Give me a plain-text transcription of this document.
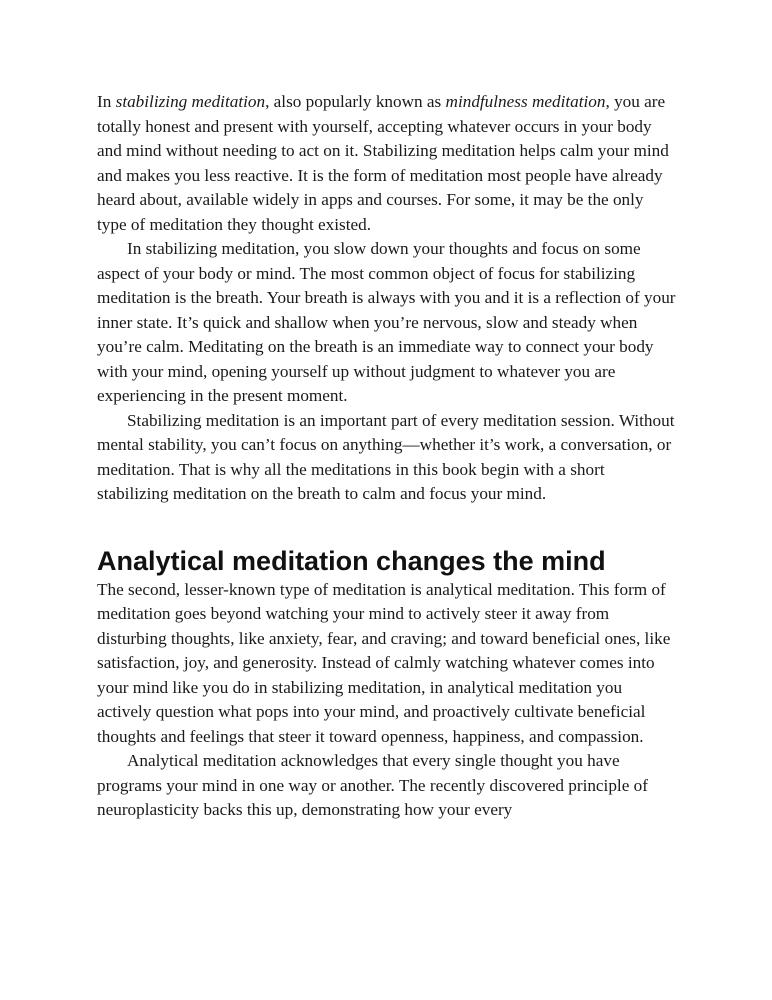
In stabilizing meditation, also popularly known as mindfulness meditation, you are totally honest and present with yourself, accepting whatever occurs in your body and mind without needing to act on it. Stabilizing meditation helps calm your mind and makes you less reactive. It is the form of meditation most people have already heard about, available widely in apps and courses. For some, it may be the only type of meditation they thought existed.

In stabilizing meditation, you slow down your thoughts and focus on some aspect of your body or mind. The most common object of focus for stabilizing meditation is the breath. Your breath is always with you and it is a reflection of your inner state. It’s quick and shallow when you’re nervous, slow and steady when you’re calm. Meditating on the breath is an immediate way to connect your body with your mind, opening yourself up without judgment to whatever you are experiencing in the present moment.

Stabilizing meditation is an important part of every meditation session. Without mental stability, you can’t focus on anything—whether it’s work, a conversation, or meditation. That is why all the meditations in this book begin with a short stabilizing meditation on the breath to calm and focus your mind.

Analytical meditation changes the mind

The second, lesser-known type of meditation is analytical meditation. This form of meditation goes beyond watching your mind to actively steer it away from disturbing thoughts, like anxiety, fear, and craving; and toward beneficial ones, like satisfaction, joy, and generosity. Instead of calmly watching whatever comes into your mind like you do in stabilizing meditation, in analytical meditation you actively question what pops into your mind, and proactively cultivate beneficial thoughts and feelings that steer it toward openness, happiness, and compassion.

Analytical meditation acknowledges that every single thought you have programs your mind in one way or another. The recently discovered principle of neuroplasticity backs this up, demonstrating how your every
